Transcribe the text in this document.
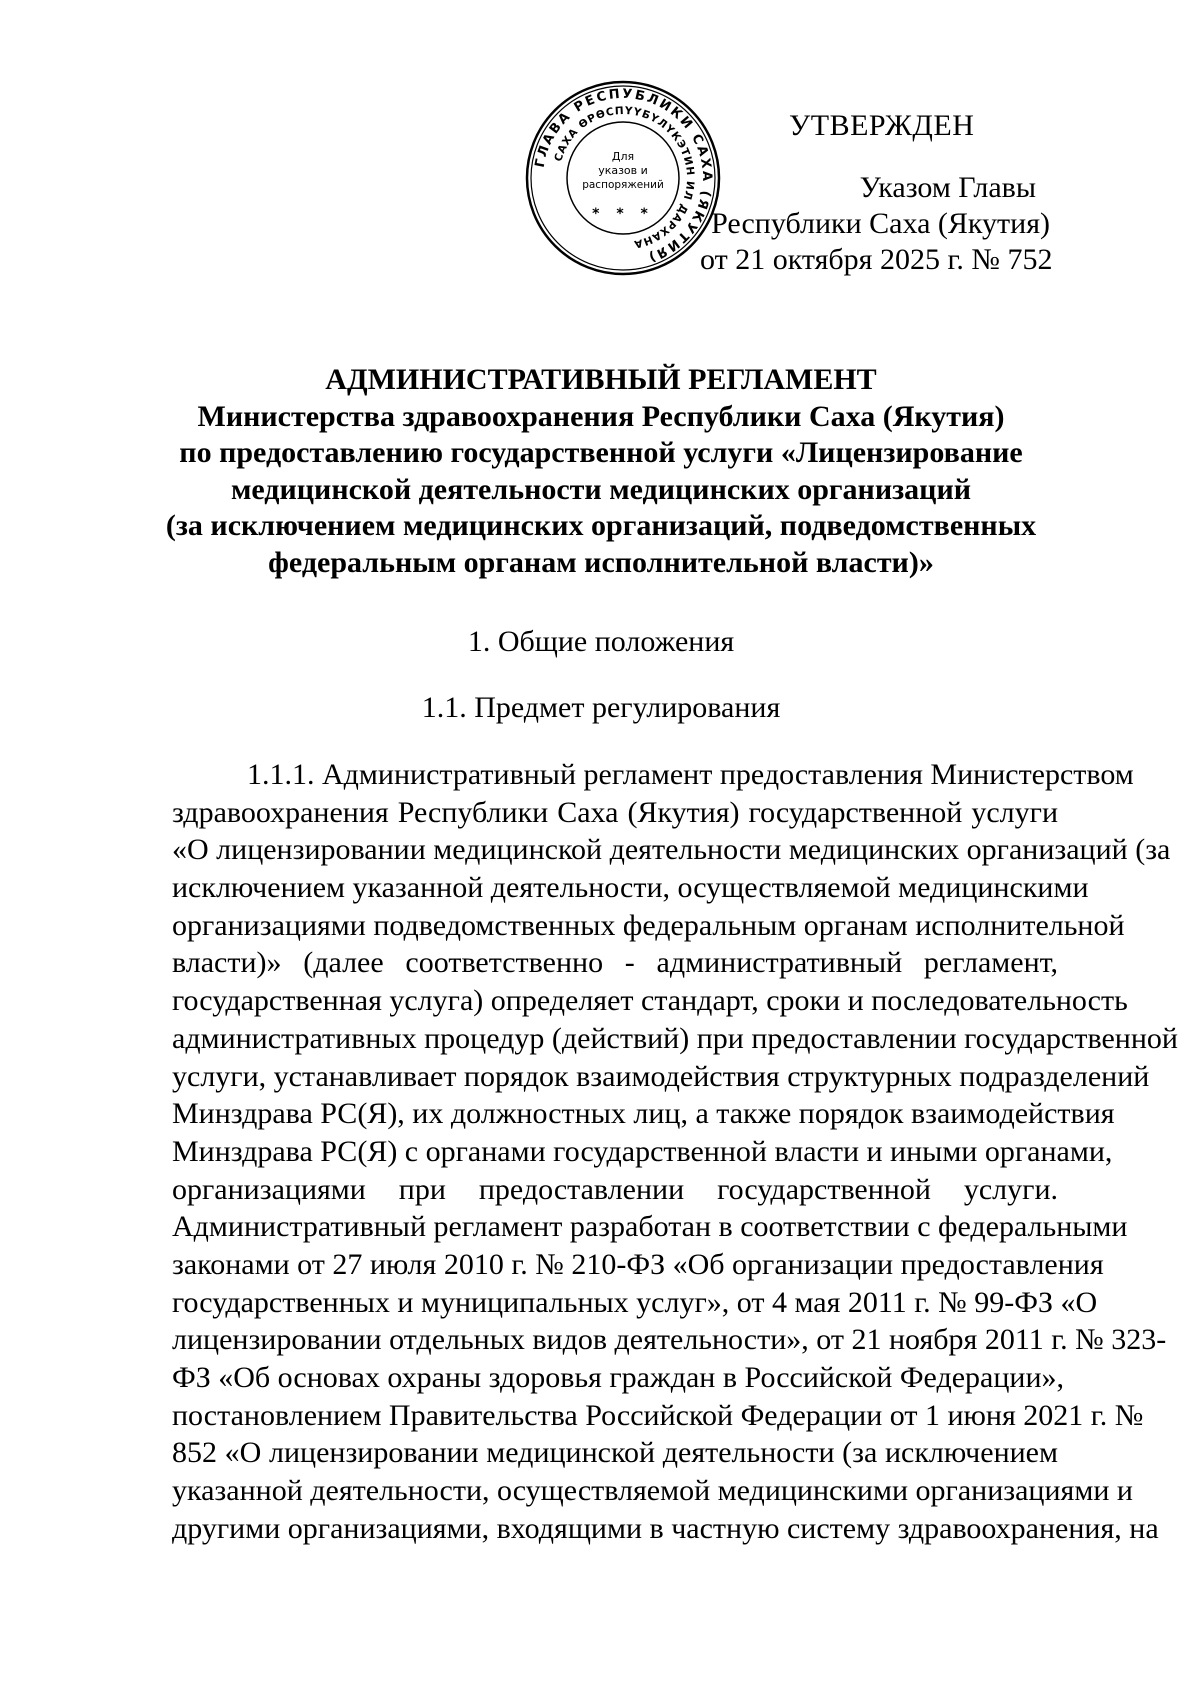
ГЛАВА РЕСПУБЛИКИ САХА (ЯКУТИЯ)
САХА ӨРӨСПҮҮБҮЛҮКЭТИН ИЛ ДАРХАНА
Для
указов и
распоряжений
* * *
УТВЕРЖДЕН
Указом Главы
Республики Саха (Якутия)
от 21 октября 2025 г. № 752
АДМИНИСТРАТИВНЫЙ РЕГЛАМЕНТ
Министерства здравоохранения Республики Саха (Якутия)
по предоставлению государственной услуги «Лицензирование
медицинской деятельности медицинских организаций
(за исключением медицинских организаций, подведомственных
федеральным органам исполнительной власти)»
1. Общие положения
1.1. Предмет регулирования
1.1.1. Административный регламент предоставления Министерством
здравоохранения Республики Саха (Якутия) государственной услуги
«О лицензировании медицинской деятельности медицинских организаций (за
исключением указанной деятельности, осуществляемой медицинскими
организациями подведомственных федеральным органам исполнительной
власти)» (далее соответственно - административный регламент,
государственная услуга) определяет стандарт, сроки и последовательность
административных процедур (действий) при предоставлении государственной
услуги, устанавливает порядок взаимодействия структурных подразделений
Минздрава РС(Я), их должностных лиц, а также порядок взаимодействия
Минздрава РС(Я) с органами государственной власти и иными органами,
организациями при предоставлении государственной услуги.
Административный регламент разработан в соответствии с федеральными
законами от 27 июля 2010 г. № 210-ФЗ «Об организации предоставления
государственных и муниципальных услуг», от 4 мая 2011 г. № 99-ФЗ «О
лицензировании отдельных видов деятельности», от 21 ноября 2011 г. № 323-
ФЗ «Об основах охраны здоровья граждан в Российской Федерации»,
постановлением Правительства Российской Федерации от 1 июня 2021 г. №
852 «О лицензировании медицинской деятельности (за исключением
указанной деятельности, осуществляемой медицинскими организациями и
другими организациями, входящими в частную систему здравоохранения, на
